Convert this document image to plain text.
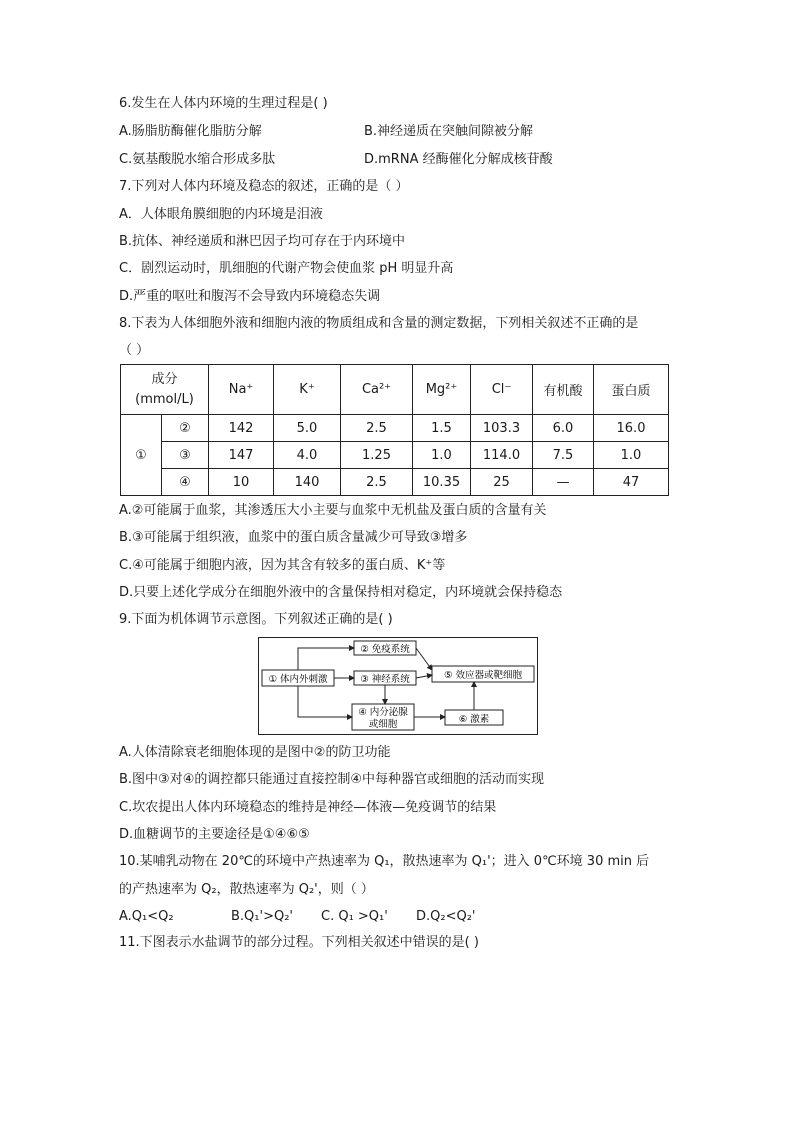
6.发生在人体内环境的生理过程是( )
A.肠脂肪酶催化脂肪分解	B.神经递质在突触间隙被分解
C.氨基酸脱水缩合形成多肽	D.mRNA 经酶催化分解成核苷酸
7.下列对人体内环境及稳态的叙述，正确的是（ ）
A．人体眼角膜细胞的内环境是泪液
B.抗体、神经递质和淋巴因子均可存在于内环境中
C．剧烈运动时，肌细胞的代谢产物会使血浆 pH 明显升高
D.严重的呕吐和腹泻不会导致内环境稳态失调
8.下表为人体细胞外液和细胞内液的物质组成和含量的测定数据，下列相关叙述不正确的是
（ ）
成分
(mmol/L)		Na⁺	K⁺	Ca²⁺	Mg²⁺	Cl⁻	有机酸	蛋白质
①	②	142	5.0	2.5	1.5	103.3	6.0	16.0
	③	147	4.0	1.25	1.0	114.0	7.5	1.0
	④	10	140	2.5	10.35	25	—	47
A.②可能属于血浆，其渗透压大小主要与血浆中无机盐及蛋白质的含量有关
B.③可能属于组织液，血浆中的蛋白质含量减少可导致③增多
C.④可能属于细胞内液，因为其含有较多的蛋白质、K⁺等
D.只要上述化学成分在细胞外液中的含量保持相对稳定，内环境就会保持稳态
9.下面为机体调节示意图。下列叙述正确的是( )
① 体内外刺激
② 免疫系统
③ 神经系统
④ 内分泌腺
或细胞
⑤ 效应器或靶细胞
⑥ 激素
A.人体清除衰老细胞体现的是图中②的防卫功能
B.图中③对④的调控都只能通过直接控制④中每种器官或细胞的活动而实现
C.坎农提出人体内环境稳态的维持是神经—体液—免疫调节的结果
D.血糖调节的主要途径是①④⑥⑤
10.某哺乳动物在 20℃的环境中产热速率为 Q₁，散热速率为 Q₁'；进入 0℃环境 30 min 后
的产热速率为 Q₂，散热速率为 Q₂'，则（ ）
A.Q₁<Q₂	B.Q₁'>Q₂' C. Q₁ >Q₁' D.Q₂<Q₂'
11.下图表示水盐调节的部分过程。下列相关叙述中错误的是( )
